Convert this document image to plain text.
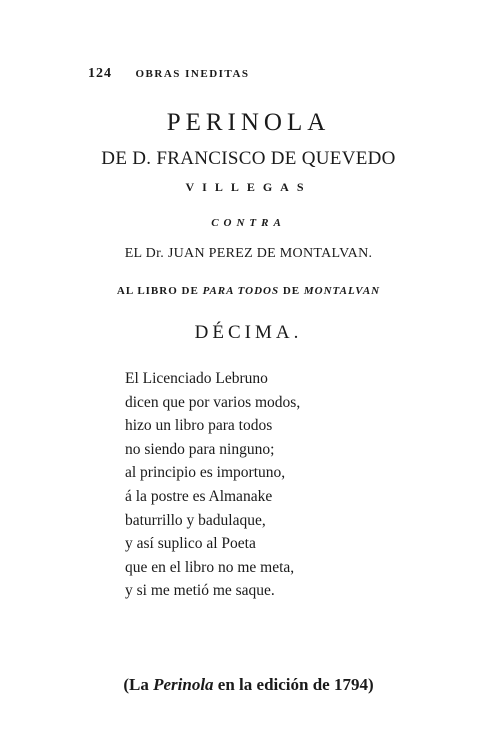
124 OBRAS INEDITAS
PERINOLA
DE D. FRANCISCO DE QUEVEDO
VILLEGAS
CONTRA
EL Dr. JUAN PEREZ DE MONTALVAN.
AL LIBRO DE PARA TODOS DE MONTALVAN
DÉCIMA.
El Licenciado Lebruno
dicen que por varios modos,
hizo un libro para todos
no siendo para ninguno;
al principio es importuno,
á la postre es Almanake
baturrillo y badulaque,
y así suplico al Poeta
que en el libro no me meta,
y si me metió me saque.
(La Perinola en la edición de 1794)
